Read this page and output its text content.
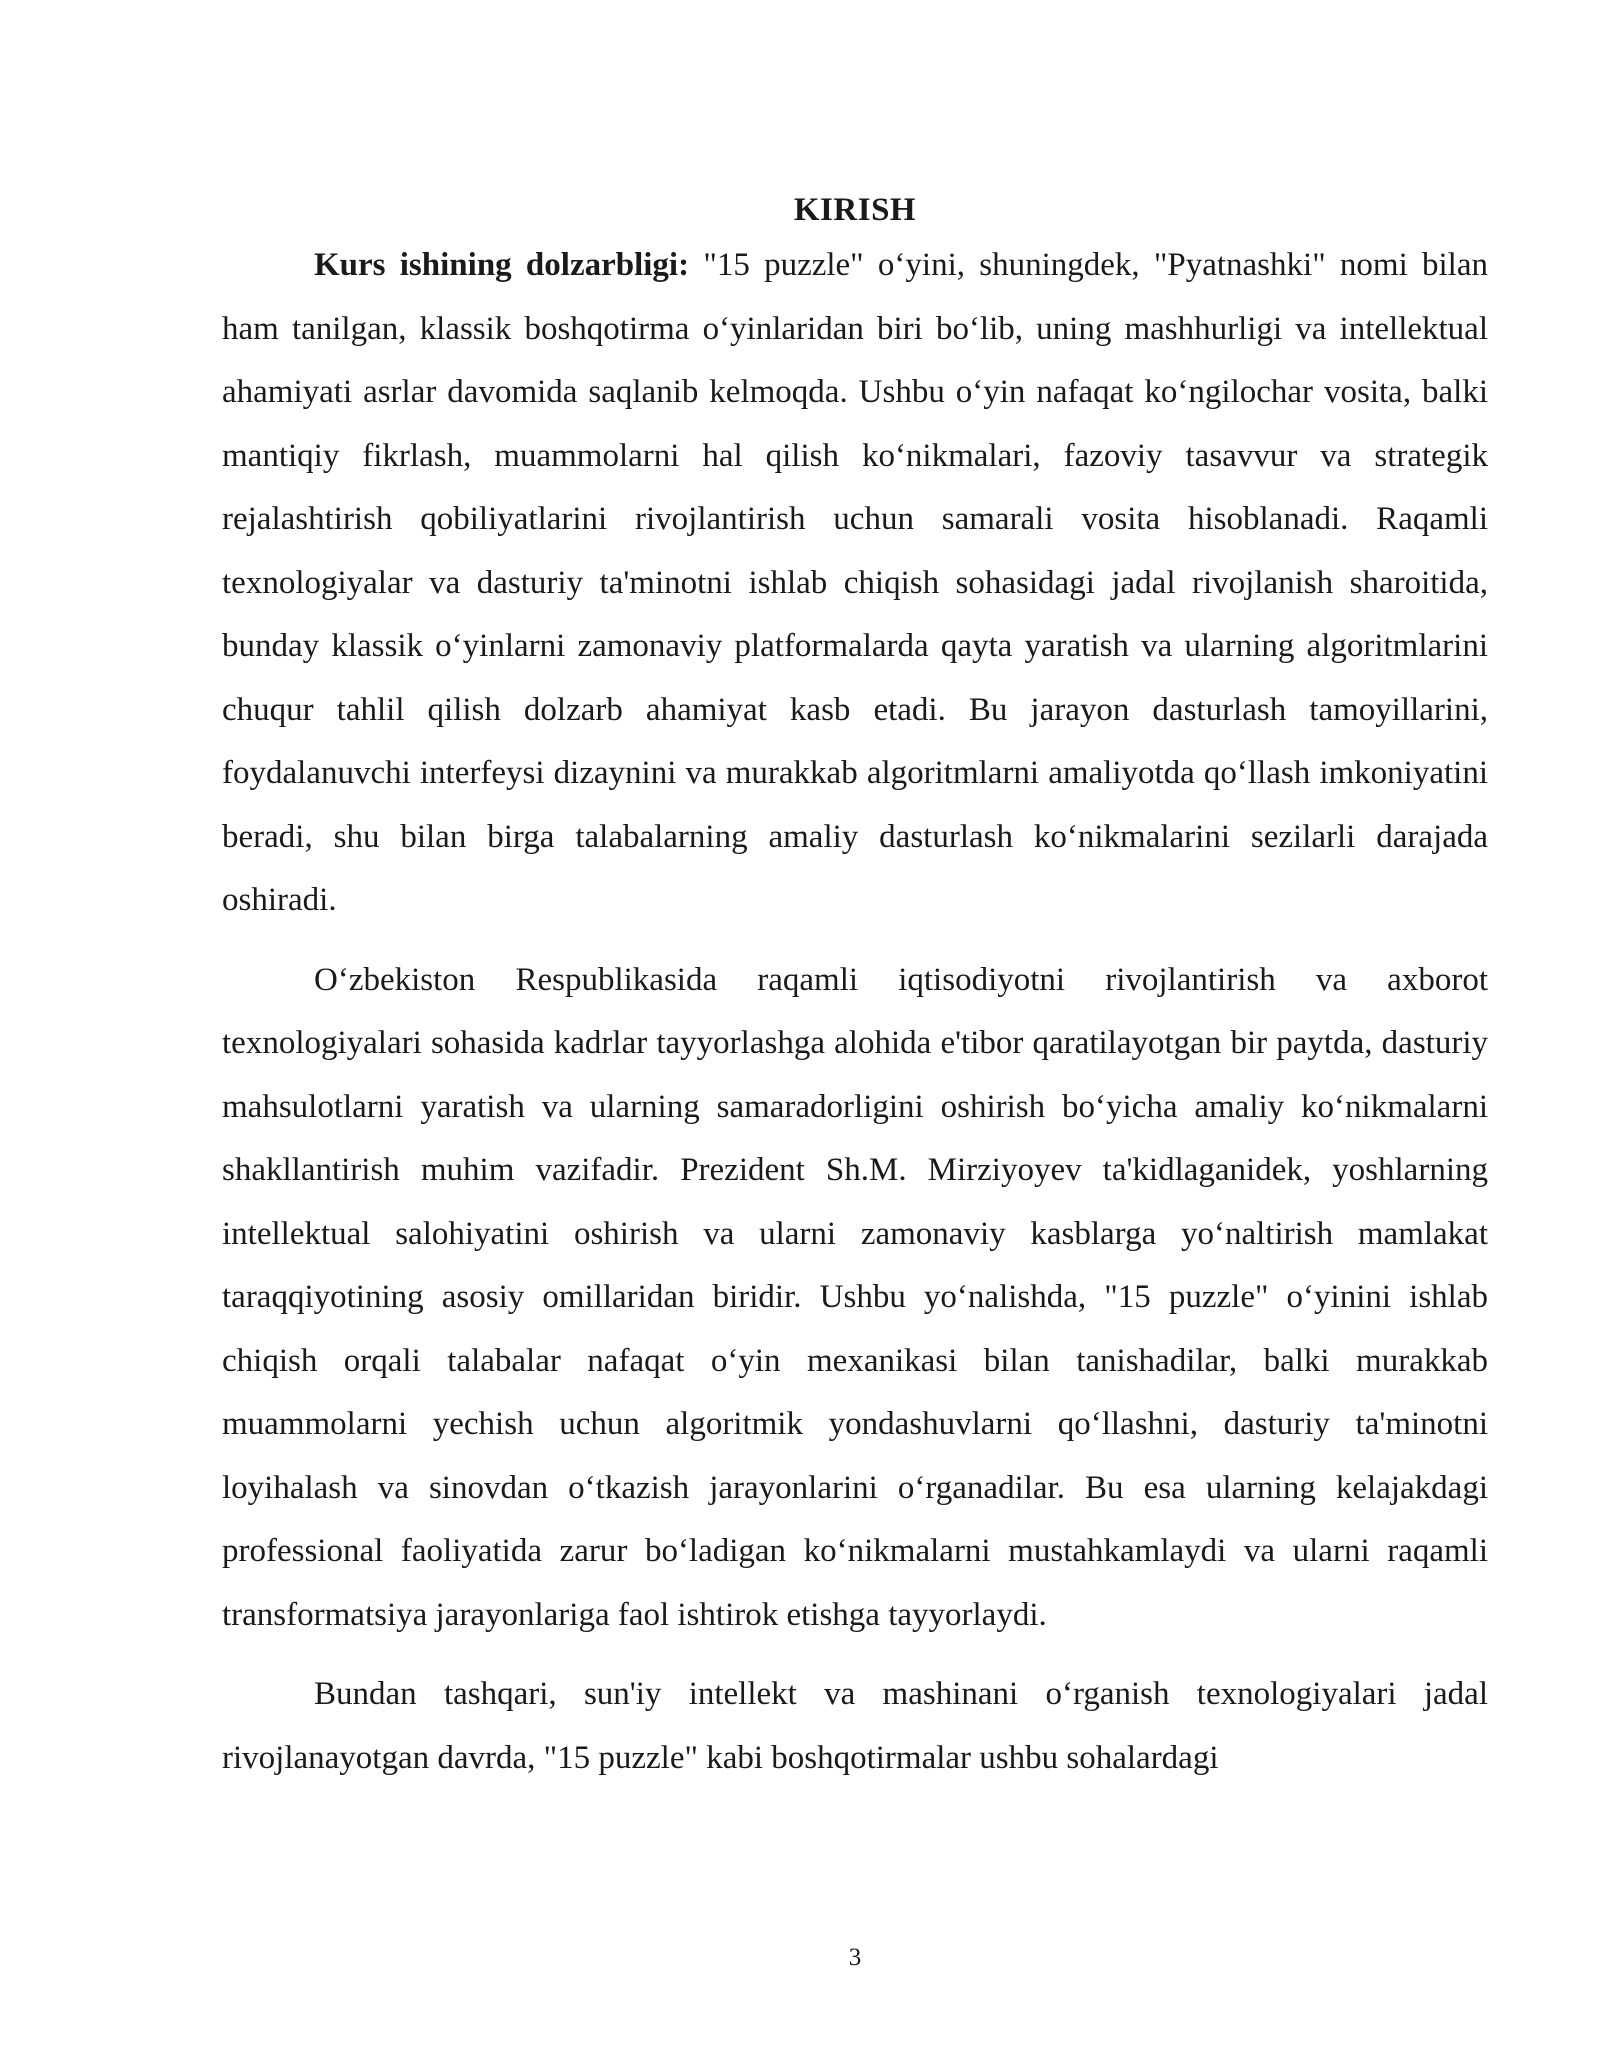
KIRISH

Kurs ishining dolzarbligi: "15 puzzle" o‘yini, shuningdek, "Pyatnashki" nomi bilan ham tanilgan, klassik boshqotirma o‘yinlaridan biri bo‘lib, uning mashhurligi va intellektual ahamiyati asrlar davomida saqlanib kelmoqda. Ushbu o‘yin nafaqat ko‘ngilochar vosita, balki mantiqiy fikrlash, muammolarni hal qilish ko‘nikmalari, fazoviy tasavvur va strategik rejalashtirish qobiliyatlarini rivojlantirish uchun samarali vosita hisoblanadi. Raqamli texnologiyalar va dasturiy ta'minotni ishlab chiqish sohasidagi jadal rivojlanish sharoitida, bunday klassik o‘yinlarni zamonaviy platformalarda qayta yaratish va ularning algoritmlarini chuqur tahlil qilish dolzarb ahamiyat kasb etadi. Bu jarayon dasturlash tamoyillarini, foydalanuvchi interfeysi dizaynini va murakkab algoritmlarni amaliyotda qo‘llash imkoniyatini beradi, shu bilan birga talabalarning amaliy dasturlash ko‘nikmalarini sezilarli darajada oshiradi.

O‘zbekiston Respublikasida raqamli iqtisodiyotni rivojlantirish va axborot texnologiyalari sohasida kadrlar tayyorlashga alohida e'tibor qaratilayotgan bir paytda, dasturiy mahsulotlarni yaratish va ularning samaradorligini oshirish bo‘yicha amaliy ko‘nikmalarni shakllantirish muhim vazifadir. Prezident Sh.M. Mirziyoyev ta'kidlaganidek, yoshlarning intellektual salohiyatini oshirish va ularni zamonaviy kasblarga yo‘naltirish mamlakat taraqqiyotining asosiy omillaridan biridir. Ushbu yo‘nalishda, "15 puzzle" o‘yinini ishlab chiqish orqali talabalar nafaqat o‘yin mexanikasi bilan tanishadilar, balki murakkab muammolarni yechish uchun algoritmik yondashuvlarni qo‘llashni, dasturiy ta'minotni loyihalash va sinovdan o‘tkazish jarayonlarini o‘rganadilar. Bu esa ularning kelajakdagi professional faoliyatida zarur bo‘ladigan ko‘nikmalarni mustahkamlaydi va ularni raqamli transformatsiya jarayonlariga faol ishtirok etishga tayyorlaydi.

Bundan tashqari, sun'iy intellekt va mashinani o‘rganish texnologiyalari jadal rivojlanayotgan davrda, "15 puzzle" kabi boshqotirmalar ushbu sohalardagi

3
